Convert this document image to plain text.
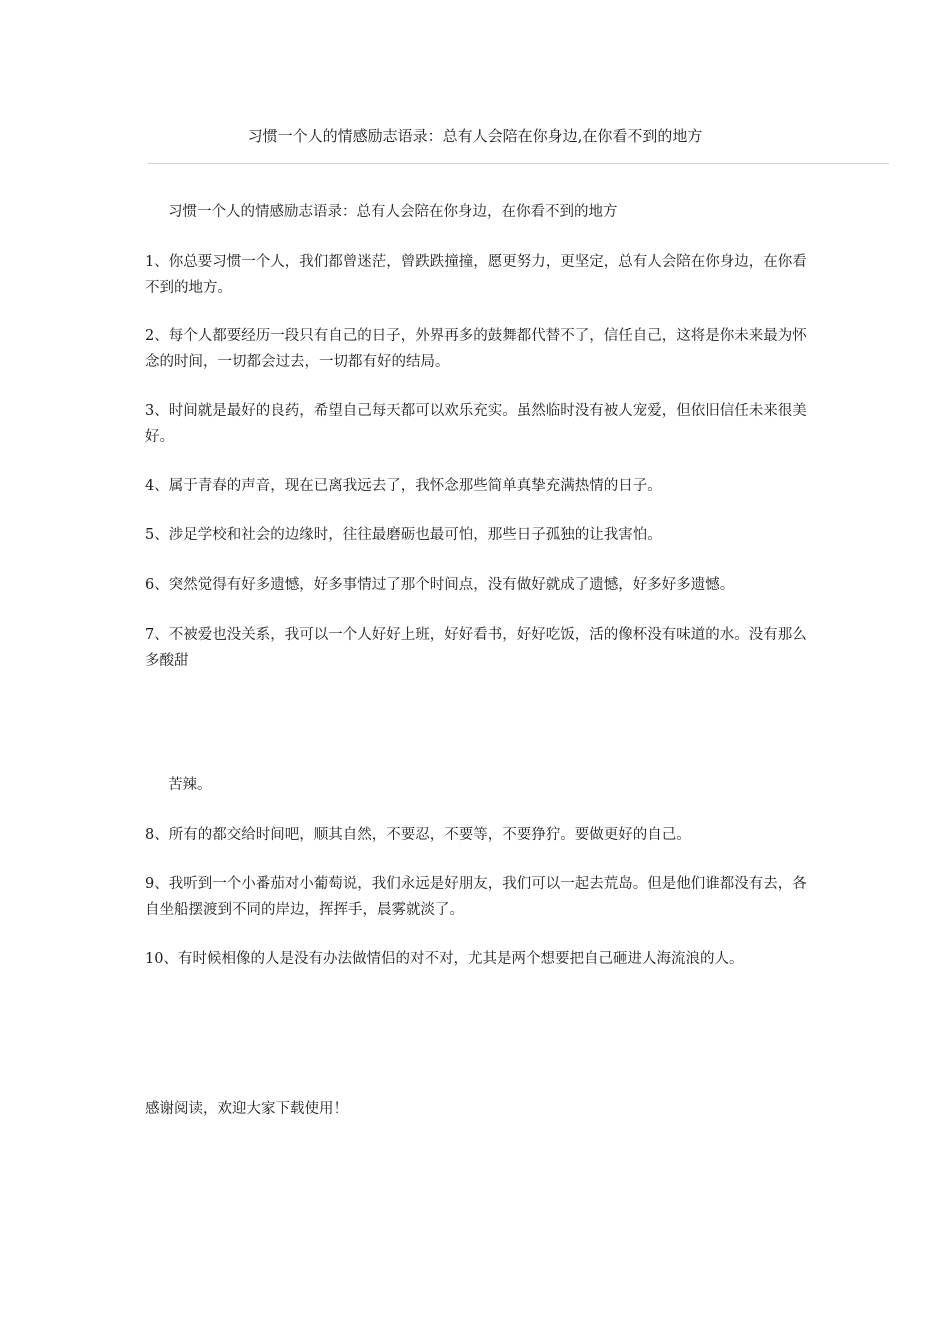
习惯一个人的情感励志语录：总有人会陪在你身边,在你看不到的地方
＿＿＿＿＿＿＿＿＿＿＿＿＿＿＿＿＿＿＿＿＿＿＿＿＿＿＿＿＿＿＿＿＿＿＿＿＿＿＿＿＿＿＿＿＿＿＿＿＿＿＿＿＿＿＿＿＿

习惯一个人的情感励志语录：总有人会陪在你身边，在你看不到的地方

1、你总要习惯一个人，我们都曾迷茫，曾跌跌撞撞，愿更努力，更坚定，总有人会陪在你身边，在你看不到的地方。

2、每个人都要经历一段只有自己的日子，外界再多的鼓舞都代替不了，信任自己，这将是你未来最为怀念的时间，一切都会过去，一切都有好的结局。

3、时间就是最好的良药，希望自己每天都可以欢乐充实。虽然临时没有被人宠爱，但依旧信任未来很美好。

4、属于青春的声音，现在已离我远去了，我怀念那些简单真挚充满热情的日子。

5、涉足学校和社会的边缘时，往往最磨砺也最可怕，那些日子孤独的让我害怕。

6、突然觉得有好多遗憾，好多事情过了那个时间点，没有做好就成了遗憾，好多好多遗憾。

7、不被爱也没关系，我可以一个人好好上班，好好看书，好好吃饭，活的像杯没有味道的水。没有那么多酸甜

苦辣。

8、所有的都交给时间吧，顺其自然，不要忍，不要等，不要狰狞。要做更好的自己。

9、我听到一个小番茄对小葡萄说，我们永远是好朋友，我们可以一起去荒岛。但是他们谁都没有去，各自坐船摆渡到不同的岸边，挥挥手，晨雾就淡了。

10、有时候相像的人是没有办法做情侣的对不对，尤其是两个想要把自己砸进人海流浪的人。

感谢阅读，欢迎大家下载使用！
